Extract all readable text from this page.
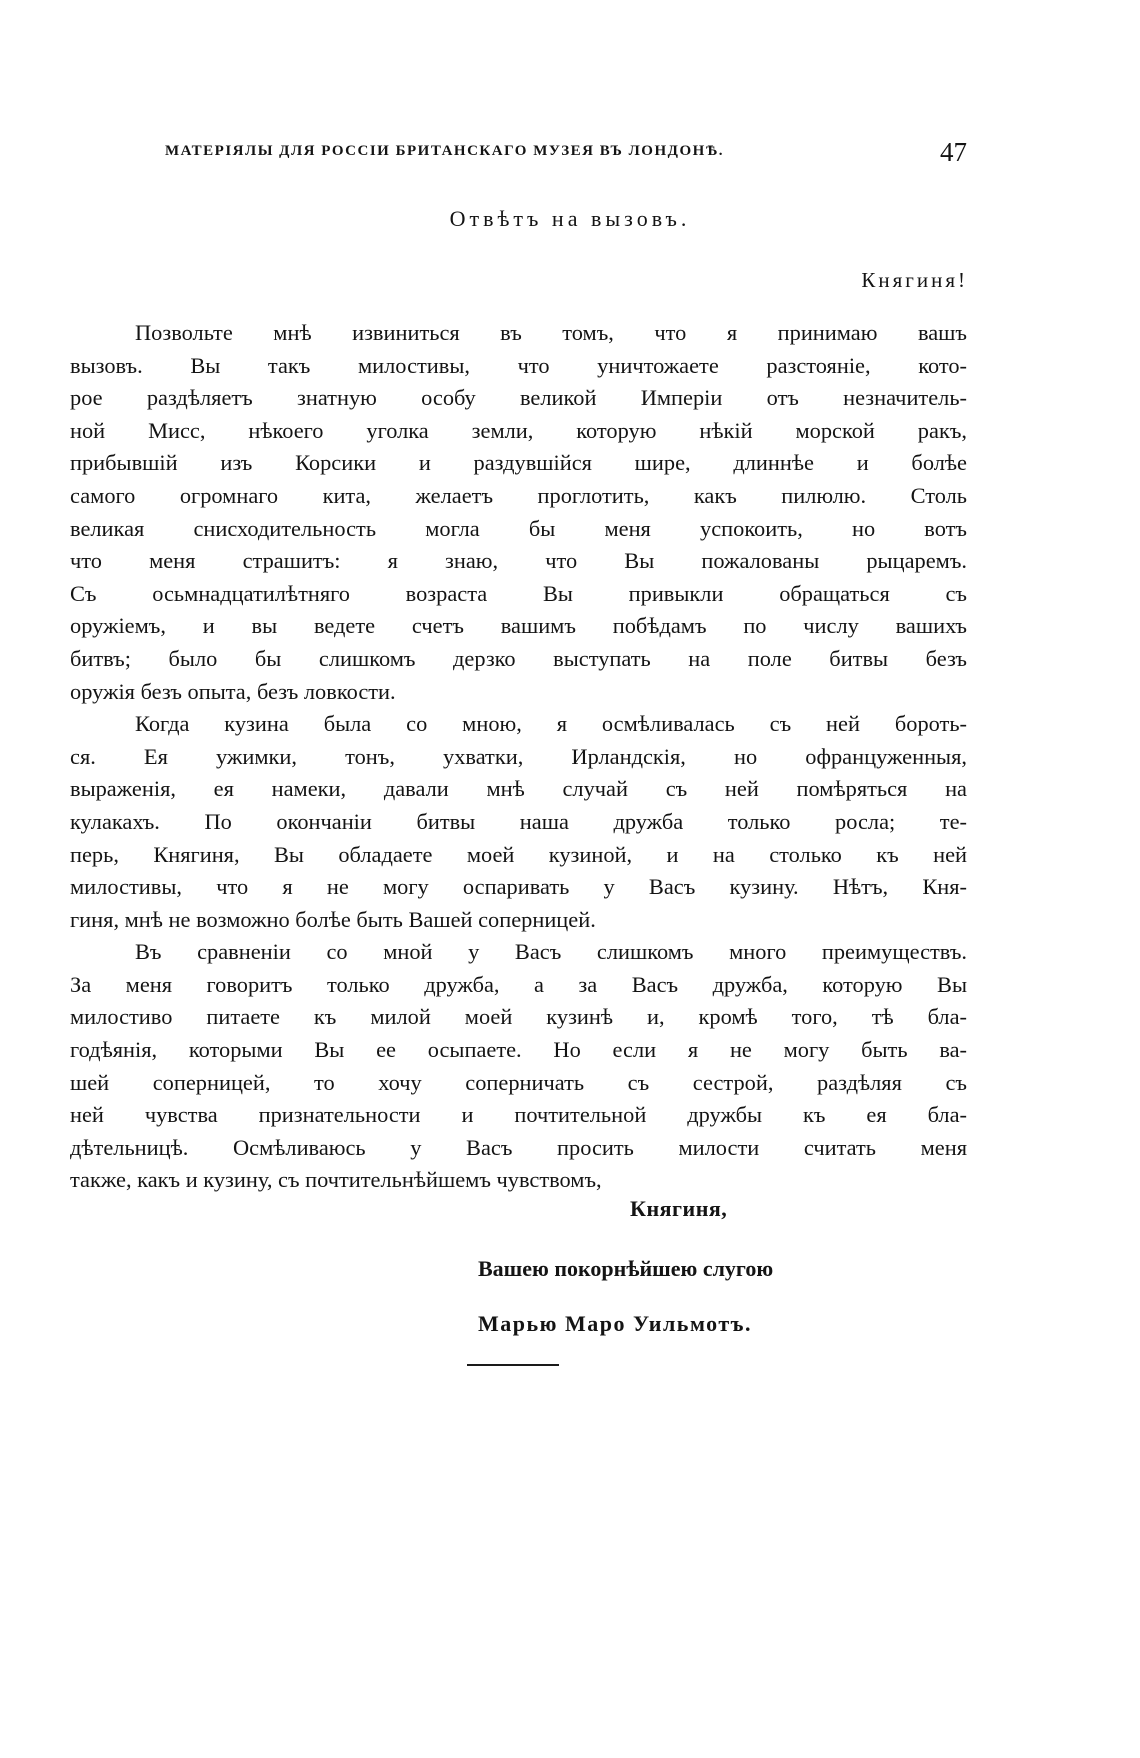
МАТЕРІЯЛЫ ДЛЯ РОССІИ БРИТАНСКАГО МУЗЕЯ ВЪ ЛОНДОНѢ.	47
Отвѣтъ на вызовъ.
Княгиня!

Позвольте мнѣ извиниться въ томъ, что я принимаю вашъ
вызовъ. Вы такъ милостивы, что уничтожаете разстояніе, кото-
рое раздѣляетъ знатную особу великой Имперіи отъ незначитель-
ной Мисс, нѣкоего уголка земли, которую нѣкій морской ракъ,
прибывшій изъ Корсики и раздувшійся шире, длиннѣе и болѣе
самого огромнаго кита, желаетъ проглотить, какъ пилюлю. Столь
великая снисходительность могла бы меня успокоить, но вотъ
что меня страшитъ: я знаю, что Вы пожалованы рыцаремъ.
Съ осьмнадцатилѣтняго возраста Вы привыкли обращаться съ
оружіемъ, и вы ведете счетъ вашимъ побѣдамъ по числу вашихъ
битвъ; было бы слишкомъ дерзко выступать на поле битвы безъ
оружія безъ опыта, безъ ловкости.

Когда кузина была со мною, я осмѣливалась съ ней бороть-
ся. Ея ужимки, тонъ, ухватки, Ирландскія, но офранцуженныя,
выраженія, ея намеки, давали мнѣ случай съ ней помѣряться на
кулакахъ. По окончаніи битвы наша дружба только росла; те-
перь, Княгиня, Вы обладаете моей кузиной, и на столько къ ней
милостивы, что я не могу оспаривать у Васъ кузину. Нѣтъ, Кня-
гиня, мнѣ не возможно болѣе быть Вашей соперницей.

Въ сравненіи со мной у Васъ слишкомъ много преимуществъ.
За меня говоритъ только дружба, а за Васъ дружба, которую Вы
милостиво питаете къ милой моей кузинѣ и, кромѣ того, тѣ бла-
годѣянія, которыми Вы ее осыпаете. Но если я не могу быть ва-
шей соперницей, то хочу соперничать съ сестрой, раздѣляя съ
ней чувства признательности и почтительной дружбы къ ея бла-
дѣтельницѣ. Осмѣливаюсь у Васъ просить милости считать меня
также, какъ и кузину, съ почтительнѣйшемъ чувствомъ,

Княгиня,
Вашею покорнѣйшею слугою
Марью Маро Уильмотъ.
